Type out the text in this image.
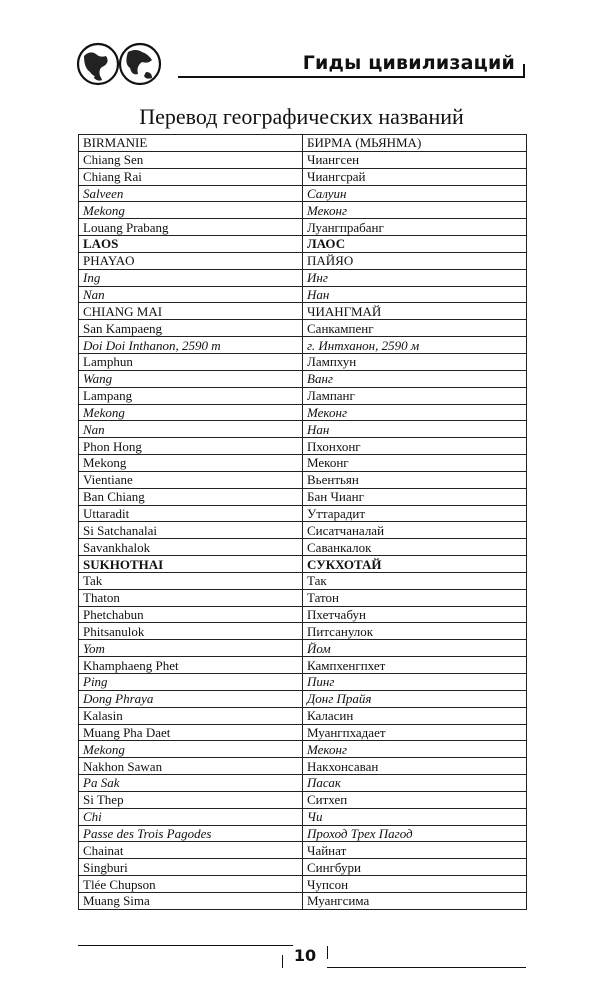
Гиды цивилизаций
Перевод географических названий
BIRMANIE	БИРМА (МЬЯНМА)
Chiang Sen	Чиангсен
Chiang Rai	Чиангсрай
Salveen	Салуин
Mekong	Меконг
Louang Prabang	Луангпрабанг
LAOS	ЛАОС
PHAYAO	ПАЙЯО
Ing	Инг
Nan	Нан
CHIANG MAI	ЧИАНГМАЙ
San Kampaeng	Санкампенг
Doi Doi Inthanon, 2590 m	г. Интханон, 2590 м
Lamphun	Лампхун
Wang	Ванг
Lampang	Лампанг
Mekong	Меконг
Nan	Нан
Phon Hong	Пхонхонг
Mekong	Меконг
Vientiane	Вьентьян
Ban Chiang	Бан Чианг
Uttaradit	Уттарадит
Si Satchanalai	Сисатчаналай
Savankhalok	Саванкалок
SUKHOTHAI	СУКХОТАЙ
Tak	Так
Thaton	Татон
Phetchabun	Пхетчабун
Phitsanulok	Питсанулок
Yom	Йом
Khamphaeng Phet	Кампхенгпхет
Ping	Пинг
Dong Phraya	Донг Прайя
Kalasin	Каласин
Muang Pha Daet	Муангпхадает
Mekong	Меконг
Nakhon Sawan	Накхонсаван
Pa Sak	Пасак
Si Thep	Ситхеп
Chi	Чи
Passe des Trois Pagodes	Проход Трех Пагод
Chainat	Чайнат
Singburi	Сингбури
Tlée Chupson	Чупсон
Muang Sima	Муангсима
10
